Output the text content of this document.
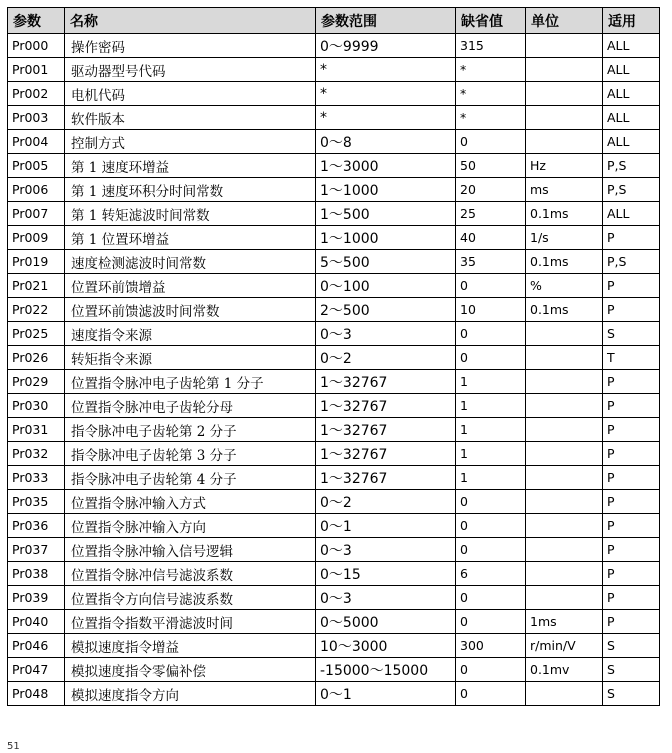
参数	名称	参数范围	缺省值	单位	适用
Pr000	操作密码	0～9999	315		ALL
Pr001	驱动器型号代码	*	*		ALL
Pr002	电机代码	*	*		ALL
Pr003	软件版本	*	*		ALL
Pr004	控制方式	0～8	0		ALL
Pr005	第 1 速度环增益	1～3000	50	Hz	P,S
Pr006	第 1 速度环积分时间常数	1～1000	20	ms	P,S
Pr007	第 1 转矩滤波时间常数	1～500	25	0.1ms	ALL
Pr009	第 1 位置环增益	1～1000	40	1/s	P
Pr019	速度检测滤波时间常数	5～500	35	0.1ms	P,S
Pr021	位置环前馈增益	0～100	0	%	P
Pr022	位置环前馈滤波时间常数	2～500	10	0.1ms	P
Pr025	速度指令来源	0～3	0		S
Pr026	转矩指令来源	0～2	0		T
Pr029	位置指令脉冲电子齿轮第 1 分子	1～32767	1		P
Pr030	位置指令脉冲电子齿轮分母	1～32767	1		P
Pr031	指令脉冲电子齿轮第 2 分子	1～32767	1		P
Pr032	指令脉冲电子齿轮第 3 分子	1～32767	1		P
Pr033	指令脉冲电子齿轮第 4 分子	1～32767	1		P
Pr035	位置指令脉冲输入方式	0～2	0		P
Pr036	位置指令脉冲输入方向	0～1	0		P
Pr037	位置指令脉冲输入信号逻辑	0～3	0		P
Pr038	位置指令脉冲信号滤波系数	0～15	6		P
Pr039	位置指令方向信号滤波系数	0～3	0		P
Pr040	位置指令指数平滑滤波时间	0～5000	0	1ms	P
Pr046	模拟速度指令增益	10～3000	300	r/min/V	S
Pr047	模拟速度指令零偏补偿	-15000～15000	0	0.1mv	S
Pr048	模拟速度指令方向	0～1	0		S
51
